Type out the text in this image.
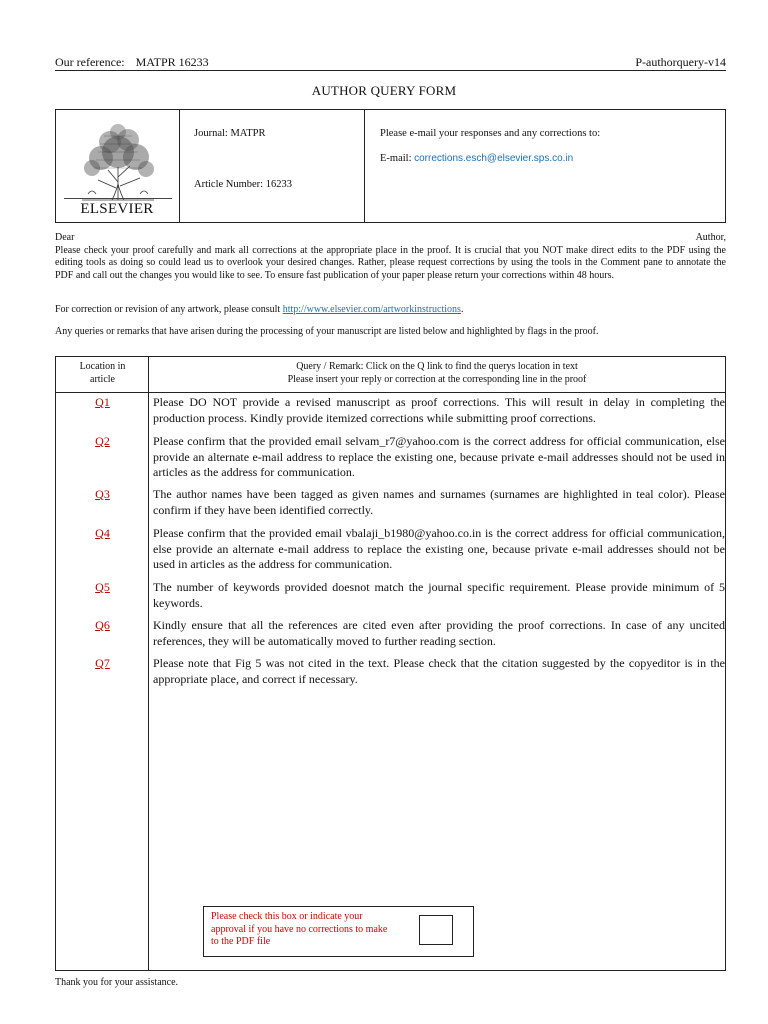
Our reference: MATPR 16233	P-authorquery-v14
AUTHOR QUERY FORM
ELSEVIER
Journal: MATPR
Article Number: 16233
Please e-mail your responses and any corrections to:
E-mail: corrections.esch@elsevier.sps.co.in
Dear	Author,

Please check your proof carefully and mark all corrections at the appropriate place in the proof. It is crucial that you NOT make direct edits to the PDF using the editing tools as doing so could lead us to overlook your desired changes. Rather, please request corrections by using the tools in the Comment pane to annotate the PDF and call out the changes you would like to see. To ensure fast publication of your paper please return your corrections within 48 hours.

For correction or revision of any artwork, please consult http://www.elsevier.com/artworkinstructions.
Any queries or remarks that have arisen during the processing of your manuscript are listed below and highlighted by flags in the proof.
Location in
article
Query / Remark: Click on the Q link to find the querys location in text
Please insert your reply or correction at the corresponding line in the proof
Q1	Please DO NOT provide a revised manuscript as proof corrections. This will result in delay in completing the production process. Kindly provide itemized corrections while submitting proof corrections.
Q2	Please confirm that the provided email selvam_r7@yahoo.com is the correct address for official communication, else provide an alternate e-mail address to replace the existing one, because private e-mail addresses should not be used in articles as the address for communication.
Q3	The author names have been tagged as given names and surnames (surnames are highlighted in teal color). Please confirm if they have been identified correctly.
Q4	Please confirm that the provided email vbalaji_b1980@yahoo.co.in is the correct address for official communication, else provide an alternate e-mail address to replace the existing one, because private e-mail addresses should not be used in articles as the address for communication.
Q5	The number of keywords provided doesnot match the journal specific requirement. Please provide minimum of 5 keywords.
Q6	Kindly ensure that all the references are cited even after providing the proof corrections. In case of any uncited references, they will be automatically moved to further reading section.
Q7	Please note that Fig 5 was not cited in the text. Please check that the citation suggested by the copyeditor is in the appropriate place, and correct if necessary.
Please check this box or indicate your approval if you have no corrections to make to the PDF file
Thank you for your assistance.
